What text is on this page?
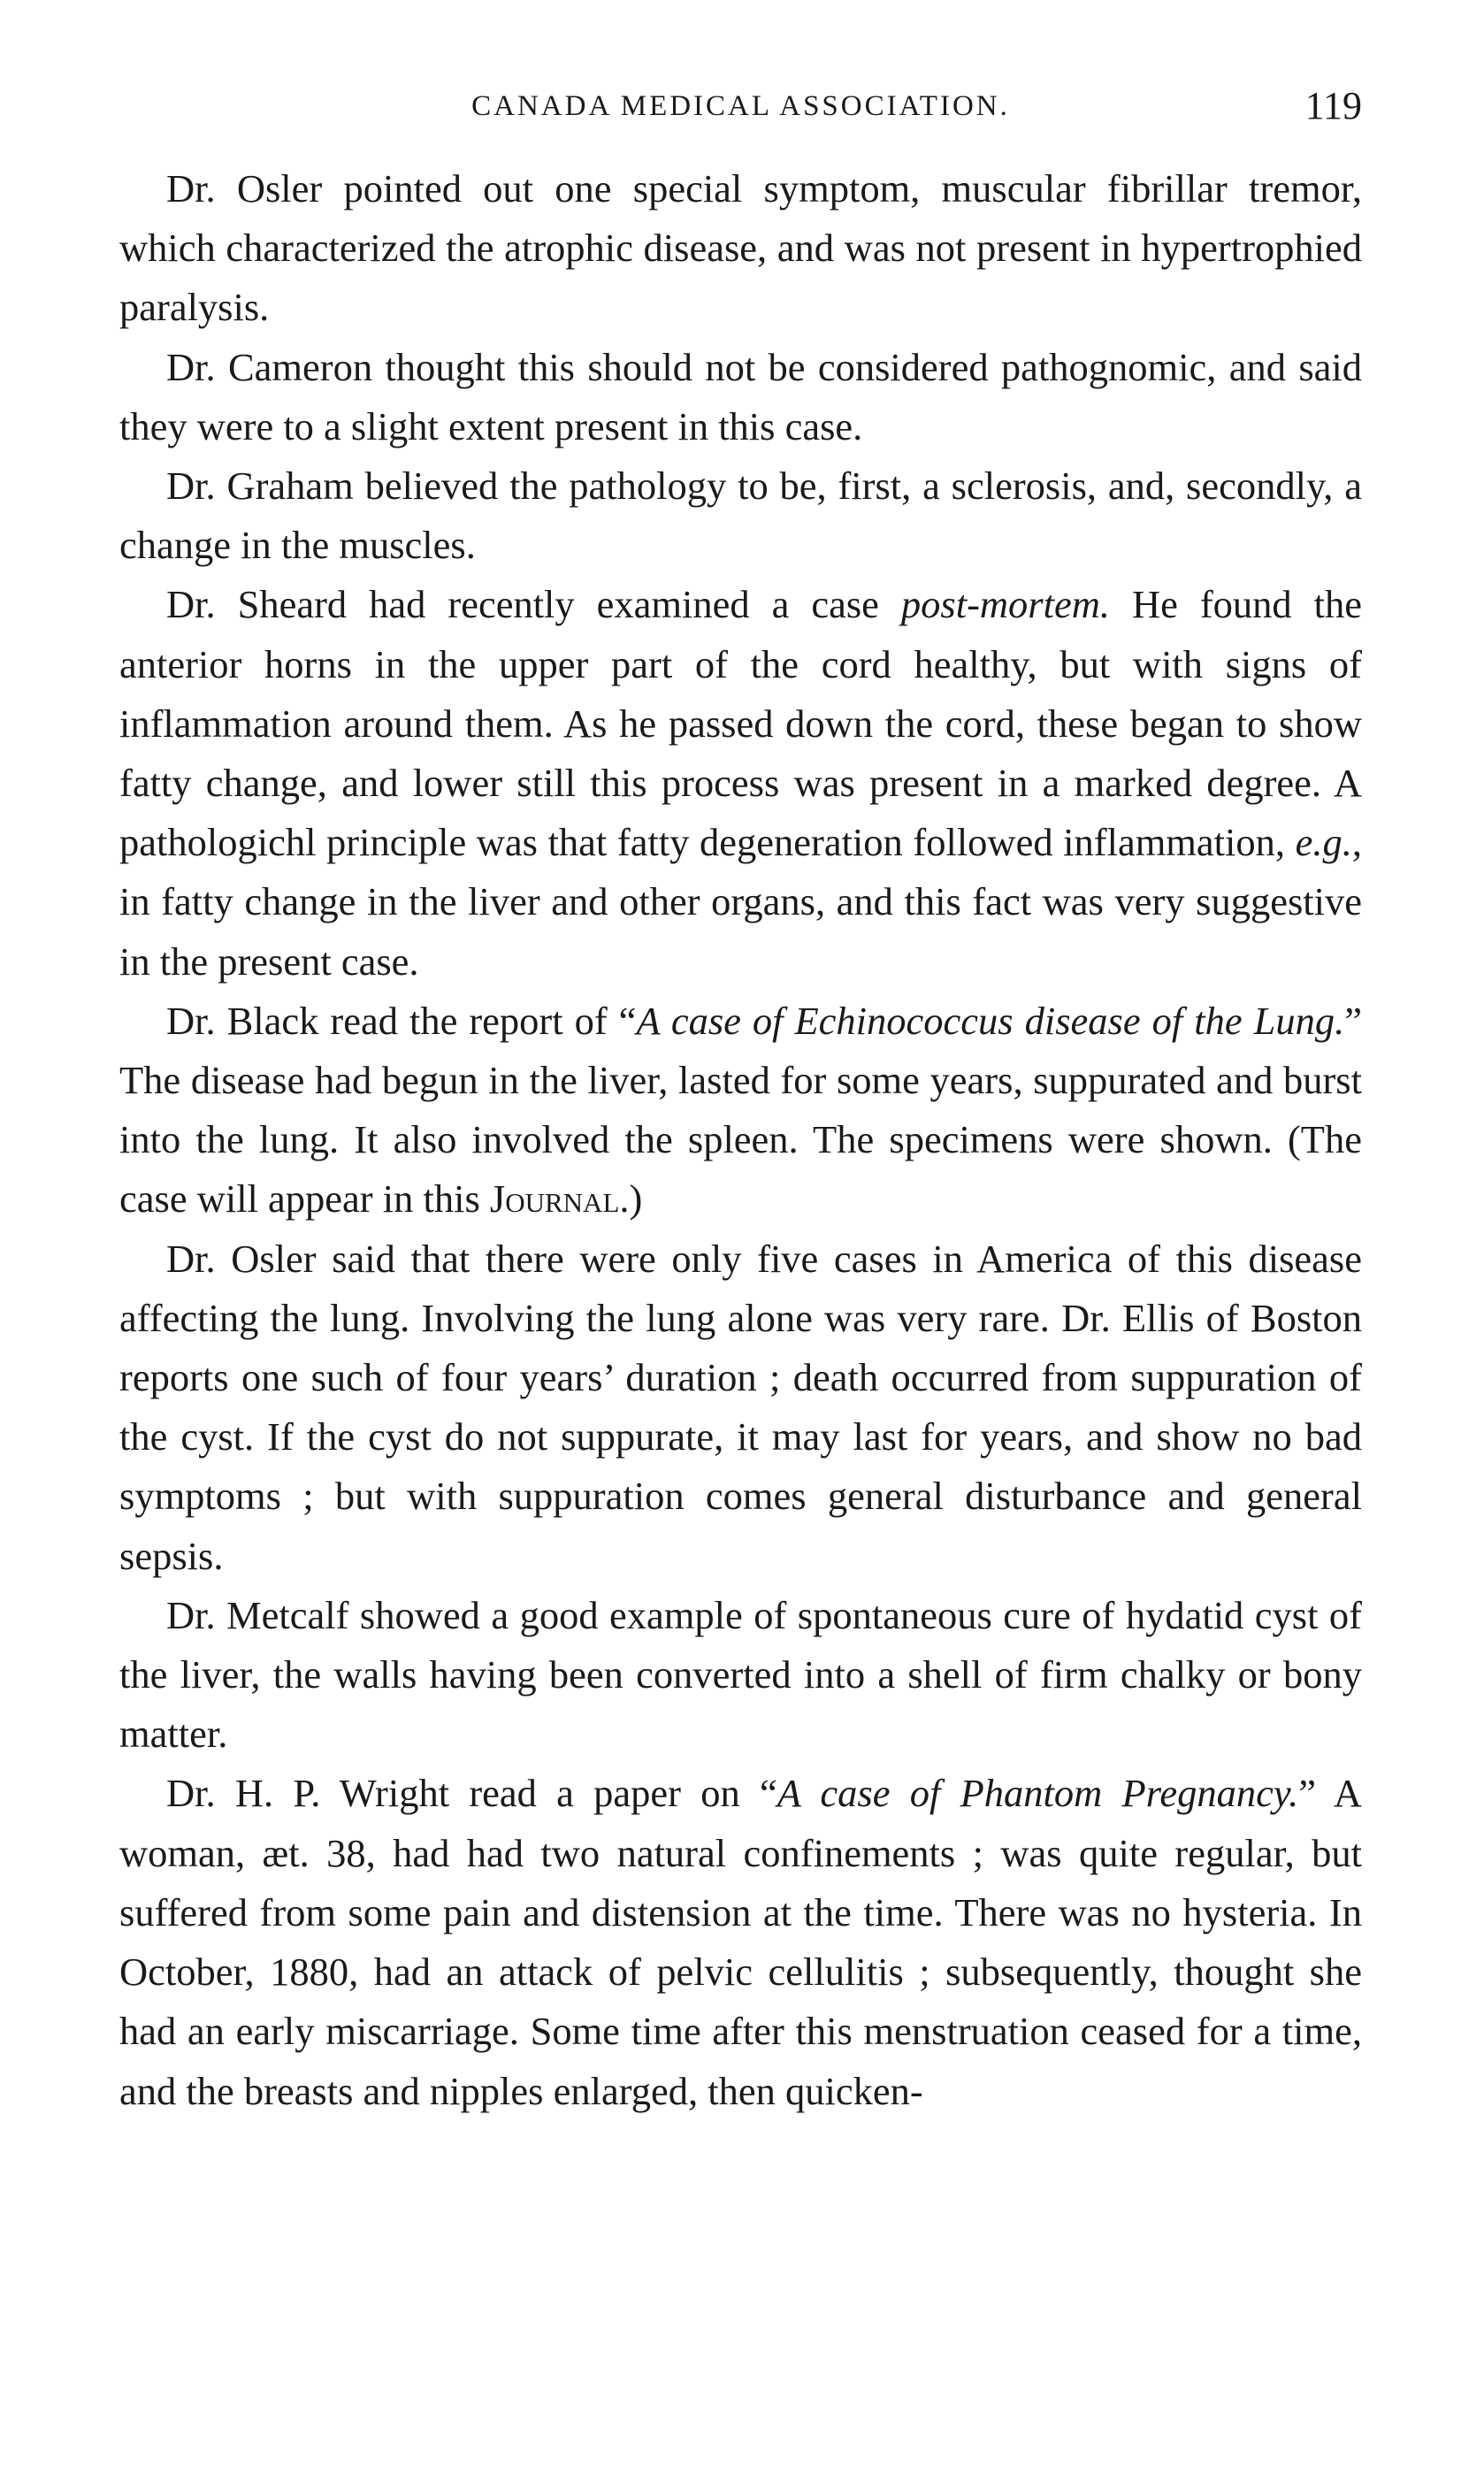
CANADA MEDICAL ASSOCIATION.	119

Dr. Osler pointed out one special symptom, muscular fibrillar tremor, which characterized the atrophic disease, and was not present in hypertrophied paralysis.

Dr. Cameron thought this should not be considered pathognomic, and said they were to a slight extent present in this case.

Dr. Graham believed the pathology to be, first, a sclerosis, and, secondly, a change in the muscles.

Dr. Sheard had recently examined a case post-mortem. He found the anterior horns in the upper part of the cord healthy, but with signs of inflammation around them. As he passed down the cord, these began to show fatty change, and lower still this process was present in a marked degree. A pathologichl principle was that fatty degeneration followed inflammation, e.g., in fatty change in the liver and other organs, and this fact was very suggestive in the present case.

Dr. Black read the report of “A case of Echinococcus disease of the Lung.” The disease had begun in the liver, lasted for some years, suppurated and burst into the lung. It also involved the spleen. The specimens were shown. (The case will appear in this Journal.)

Dr. Osler said that there were only five cases in America of this disease affecting the lung. Involving the lung alone was very rare. Dr. Ellis of Boston reports one such of four years’ duration ; death occurred from suppuration of the cyst. If the cyst do not suppurate, it may last for years, and show no bad symptoms ; but with suppuration comes general disturbance and general sepsis.

Dr. Metcalf showed a good example of spontaneous cure of hydatid cyst of the liver, the walls having been converted into a shell of firm chalky or bony matter.

Dr. H. P. Wright read a paper on “A case of Phantom Pregnancy.” A woman, æt. 38, had had two natural confinements ; was quite regular, but suffered from some pain and distension at the time. There was no hysteria. In October, 1880, had an attack of pelvic cellulitis ; subsequently, thought she had an early miscarriage. Some time after this menstruation ceased for a time, and the breasts and nipples enlarged, then quicken-
